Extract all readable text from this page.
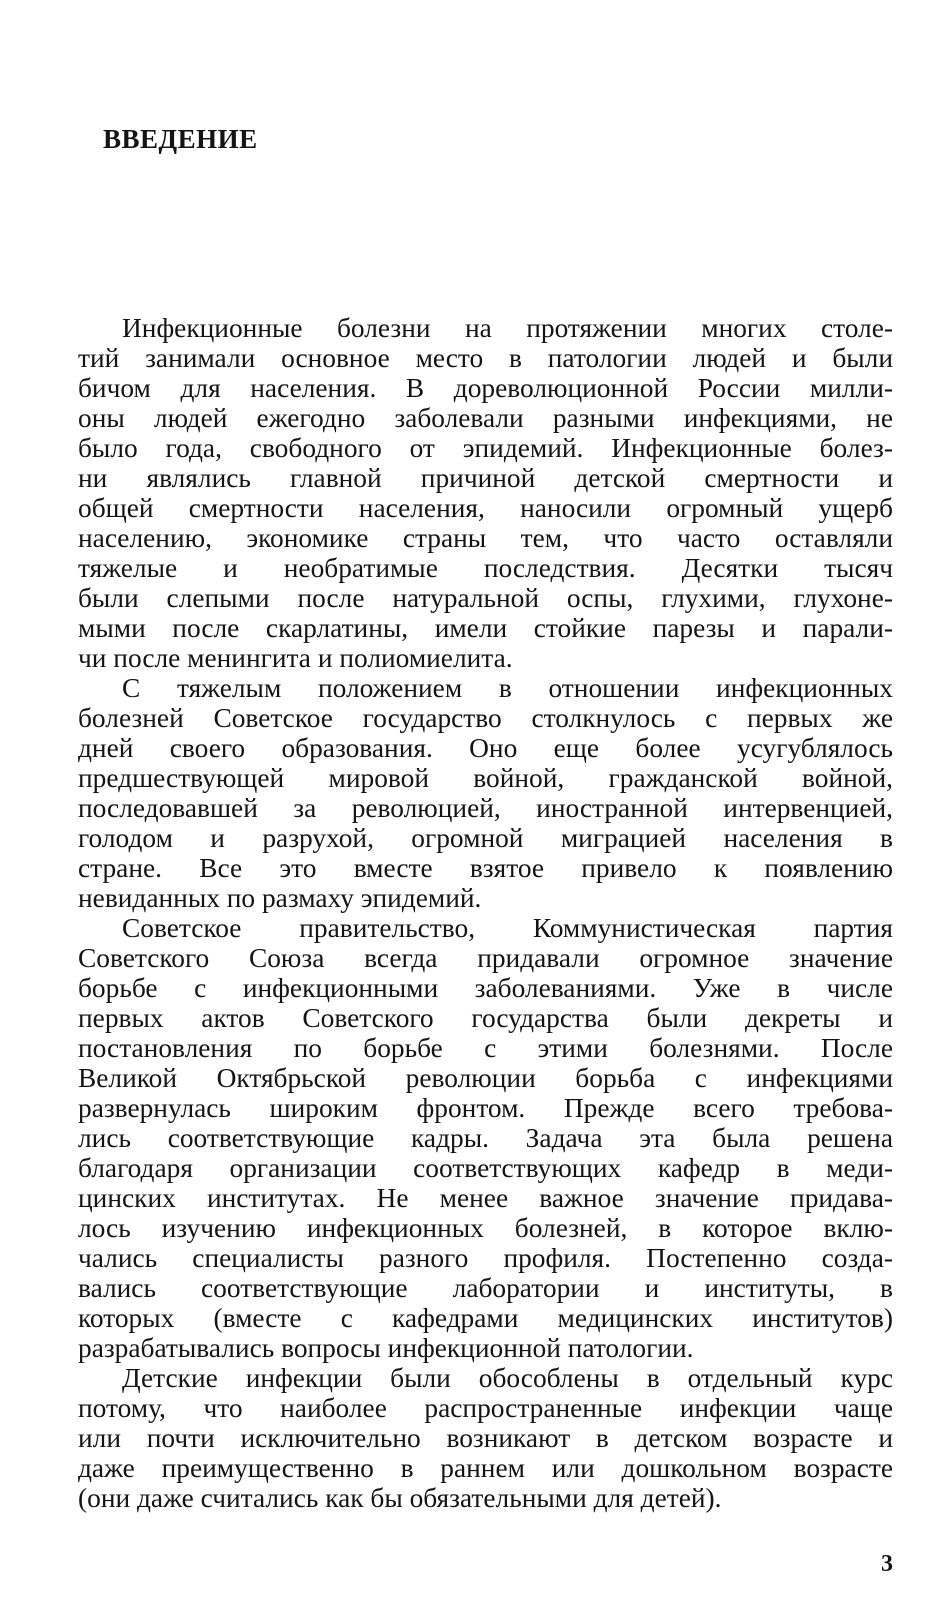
ВВЕДЕНИЕ

Инфекционные болезни на протяжении многих столе-
тий занимали основное место в патологии людей и были
бичом для населения. В дореволюционной России милли-
оны людей ежегодно заболевали разными инфекциями, не
было года, свободного от эпидемий. Инфекционные болез-
ни являлись главной причиной детской смертности и
общей смертности населения, наносили огромный ущерб
населению, экономике страны тем, что часто оставляли
тяжелые и необратимые последствия. Десятки тысяч
были слепыми после натуральной оспы, глухими, глухоне-
мыми после скарлатины, имели стойкие парезы и парали-
чи после менингита и полиомиелита.

С тяжелым положением в отношении инфекционных
болезней Советское государство столкнулось с первых же
дней своего образования. Оно еще более усугублялось
предшествующей мировой войной, гражданской войной,
последовавшей за революцией, иностранной интервенцией,
голодом и разрухой, огромной миграцией населения в
стране. Все это вместе взятое привело к появлению
невиданных по размаху эпидемий.

Советское правительство, Коммунистическая партия
Советского Союза всегда придавали огромное значение
борьбе с инфекционными заболеваниями. Уже в числе
первых актов Советского государства были декреты и
постановления по борьбе с этими болезнями. После
Великой Октябрьской революции борьба с инфекциями
развернулась широким фронтом. Прежде всего требова-
лись соответствующие кадры. Задача эта была решена
благодаря организации соответствующих кафедр в меди-
цинских институтах. Не менее важное значение придава-
лось изучению инфекционных болезней, в которое вклю-
чались специалисты разного профиля. Постепенно созда-
вались соответствующие лаборатории и институты, в
которых (вместе с кафедрами медицинских институтов)
разрабатывались вопросы инфекционной патологии.

Детские инфекции были обособлены в отдельный курс
потому, что наиболее распространенные инфекции чаще
или почти исключительно возникают в детском возрасте и
даже преимущественно в раннем или дошкольном возрасте
(они даже считались как бы обязательными для детей).

3
